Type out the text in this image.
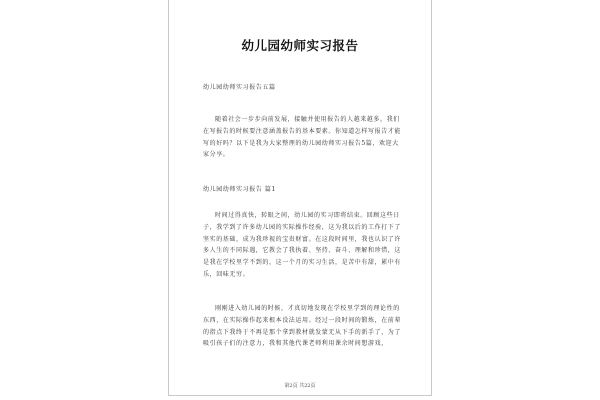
幼儿园幼师实习报告
幼儿园幼师实习报告五篇

随着社会一步步向前发展，接触并使用报告的人越来越多，我们在写报告的时候要注意涵盖报告的基本要素。你知道怎样写报告才能写的好吗？以下是我为大家整理的幼儿园幼师实习报告5篇，欢迎大家分享。

幼儿园幼师实习报告 篇1

时间过得真快，转眼之间，幼儿园的实习即将结束。回顾这些日子，我学到了许多幼儿园的实际操作经验，这为我以后的工作打下了坚实的基础，成为我珍视的宝贵财富。在这段时间里，我也认识了许多人生的不同际遇，它教会了我执着、坚持、奋斗、理解和珍惜，这是我在学校里学不到的，这一个月的实习生活，是苦中有甜，累中有乐，回味无穷。

刚刚进入幼儿园的时候，才真切地发现在学校里学到的理论性的东西，在实际操作起来根本没法运用。经过一段时间的锻炼，在前辈的指点下我终于不再是那个拿到教材就发蒙无从下手的新手了，为了吸引孩子们的注意力，我和其他代课老师利用课余时间想游戏，

第2页 共22页
